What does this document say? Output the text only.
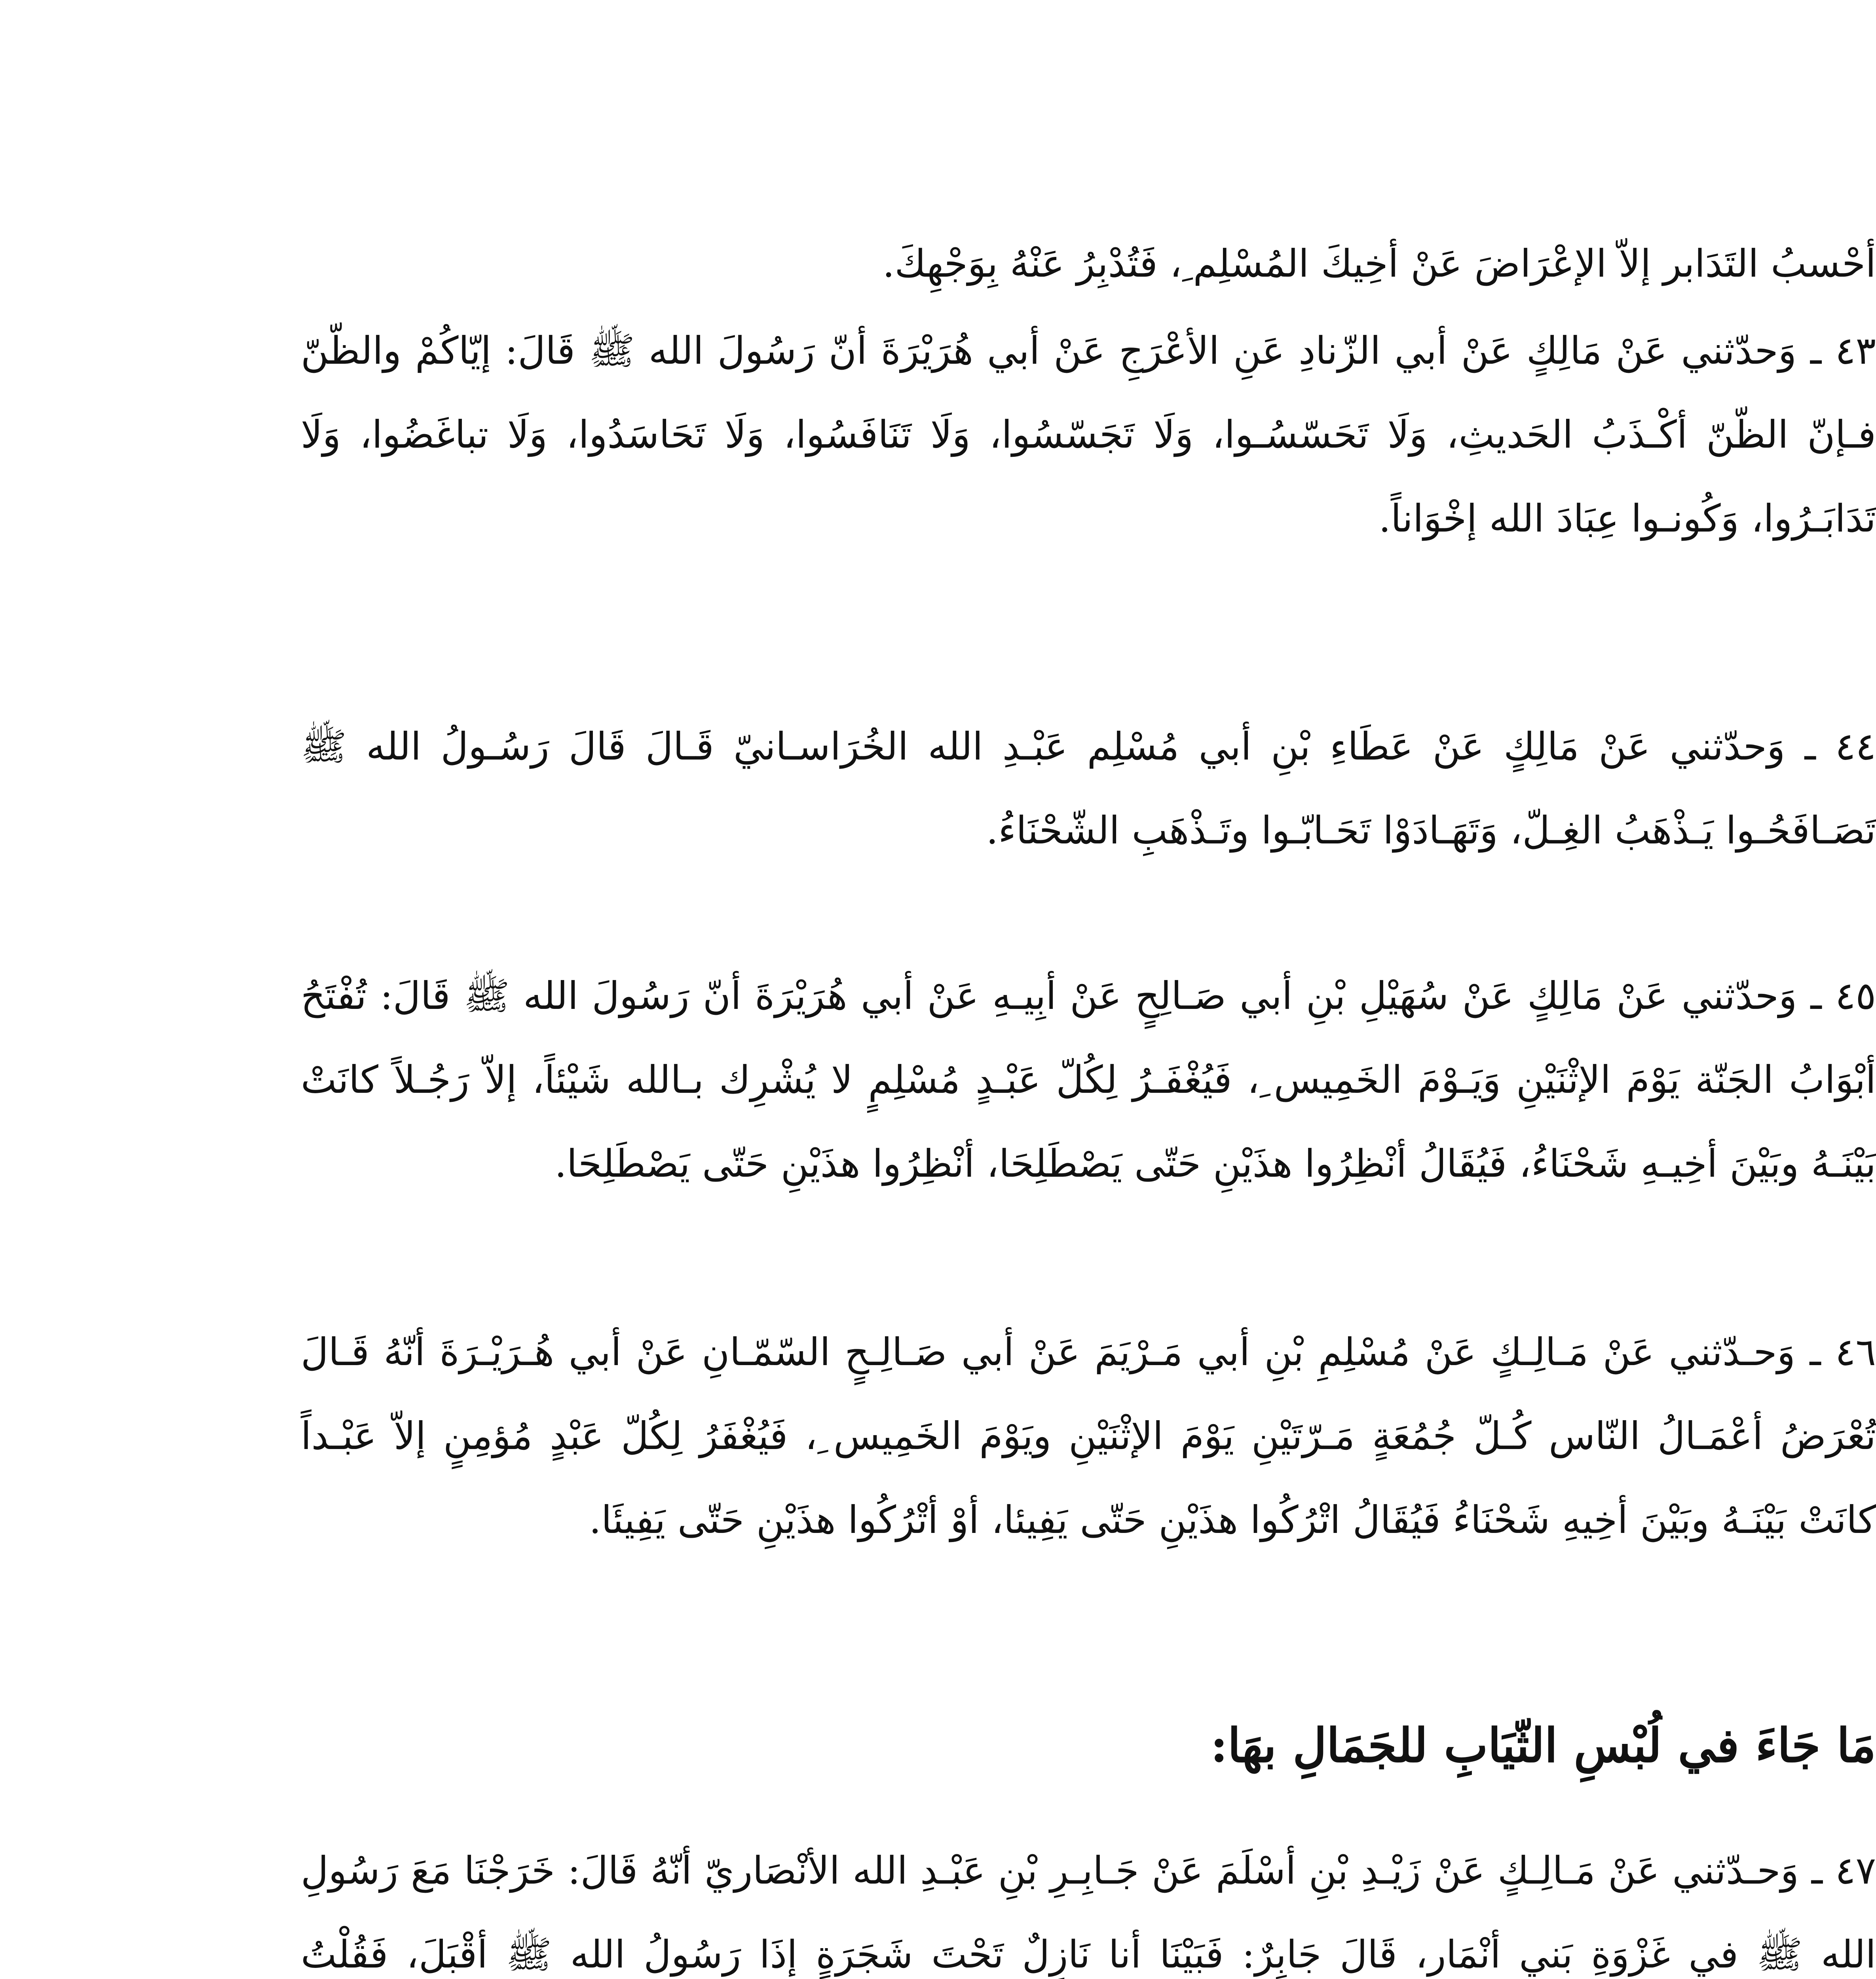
أحْسبُ التَدَابر إلاّ الإعْرَاضَ عَنْ أخِيكَ المُسْلِم ِ، فَتُدْبِرُ عَنْهُ بِوَجْهِكَ.

٤٣ ـ وَحدّثني عَنْ مَالِكٍ عَنْ أبي الزّنادِ عَنِ الأعْرَجِ عَنْ أبي هُرَيْرَةَ أنّ رَسُولَ الله ﷺ قَالَ: إيّاكُمْ والظّنّ فـإنّ الظّنّ أكْـذَبُ الحَديثِ، وَلَا تَحَسّسُـوا، وَلَا تَجَسّسُوا، وَلَا تَنَافَسُوا، وَلَا تَحَاسَدُوا، وَلَا تباغَضُوا، وَلَا تَدَابَـرُوا، وَكُونـوا عِبَادَ الله إخْوَاناً.

٤٤ ـ وَحدّثني عَنْ مَالِكٍ عَنْ عَطَاءِ بْنِ أبي مُسْلِم عَبْـدِ الله الخُرَاسـانيّ قَـالَ قَالَ رَسُـولُ الله ﷺ تَصَـافَحُـوا يَـذْهَبُ الغِـلّ، وَتَهَـادَوْا تَحَـابّـوا وتَـذْهَبِ الشّحْنَاءُ.

٤٥ ـ وَحدّثني عَنْ مَالِكٍ عَنْ سُهَيْلِ بْنِ أبي صَـالِحٍ عَنْ أبِيـهِ عَنْ أبي هُرَيْرَةَ أنّ رَسُولَ الله ﷺ قَالَ: تُفْتَحُ أبْوَابُ الجَنّة يَوْمَ الإثْنَيْنِ وَيَـوْمَ الخَمِيس ِ، فَيُغْفَـرُ لِكُلّ عَبْـدٍ مُسْلِمٍ لا يُشْرِك بـالله شَيْئاً، إلاّ رَجُـلاً كانَتْ بَيْنَـهُ وبَيْنَ أخِيـهِ شَحْنَاءُ، فَيُقَالُ أنْظِرُوا هذَيْنِ حَتّى يَصْطَلِحَا، أنْظِرُوا هذَيْنِ حَتّى يَصْطَلِحَا.

٤٦ ـ وَحـدّثني عَنْ مَـالِـكٍ عَنْ مُسْلِمِ بْنِ أبي مَـرْيَمَ عَنْ أبي صَـالِـحٍ السّمّـانِ عَنْ أبي هُـرَيْـرَةَ أنّهُ قَـالَ تُعْرَضُ أعْمَـالُ النّاس كُـلّ جُمُعَةٍ مَـرّتَيْنِ يَوْمَ الإثْنَيْنِ ويَوْمَ الخَمِيس ِ، فَيُغْفَرُ لِكُلّ عَبْدٍ مُؤمِنٍ إلاّ عَبْـداً كانَتْ بَيْنَـهُ وبَيْنَ أخِيهِ شَحْنَاءُ فَيُقَالُ اتْرُكُوا هذَيْنِ حَتّى يَفِيئا، أوْ أتْرُكُوا هذَيْنِ حَتّى يَفِيئَا.

مَا جَاءَ في لُبْسِ الثّيَابِ للجَمَالِ بهَا:

٤٧ ـ وَحـدّثني عَنْ مَـالِـكٍ عَنْ زَيْـدِ بْنِ أسْلَمَ عَنْ جَـابِـرِ بْنِ عَبْـدِ الله الأنْصَاريّ أنّهُ قَالَ: خَرَجْنَا مَعَ رَسُولِ الله ﷺ في غَزْوَةِ بَني أنْمَار، قَالَ جَابِرٌ: فَبَيْنَا أنا نَازِلٌ تَحْتَ شَجَرَةٍ إذَا رَسُولُ الله ﷺ أقْبَلَ، فَقُلْتُ
